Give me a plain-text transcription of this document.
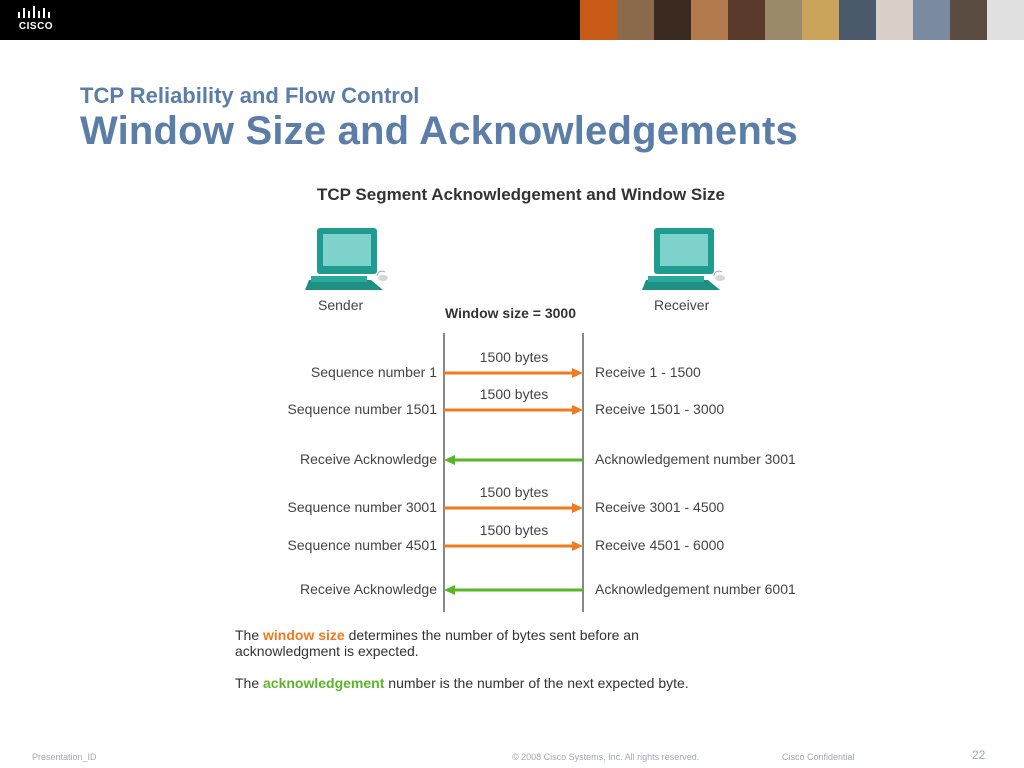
CISCO
TCP Reliability and Flow Control
Window Size and Acknowledgements
TCP Segment Acknowledgement and Window Size
Sender	Receiver
Window size = 3000
Sequence number 1	Receive 1 - 1500
1500 bytes
Sequence number 1501	Receive 1501 - 3000
1500 bytes
Receive Acknowledge	Acknowledgement number 3001
Sequence number 3001	Receive 3001 - 4500
1500 bytes
Sequence number 4501	Receive 4501 - 6000
1500 bytes
Receive Acknowledge	Acknowledgement number 6001
The window size determines the number of bytes sent before an
acknowledgment is expected.
The acknowledgement number is the number of the next expected byte.
Presentation_ID	© 2008 Cisco Systems, Inc. All rights reserved.	Cisco Confidential	22
